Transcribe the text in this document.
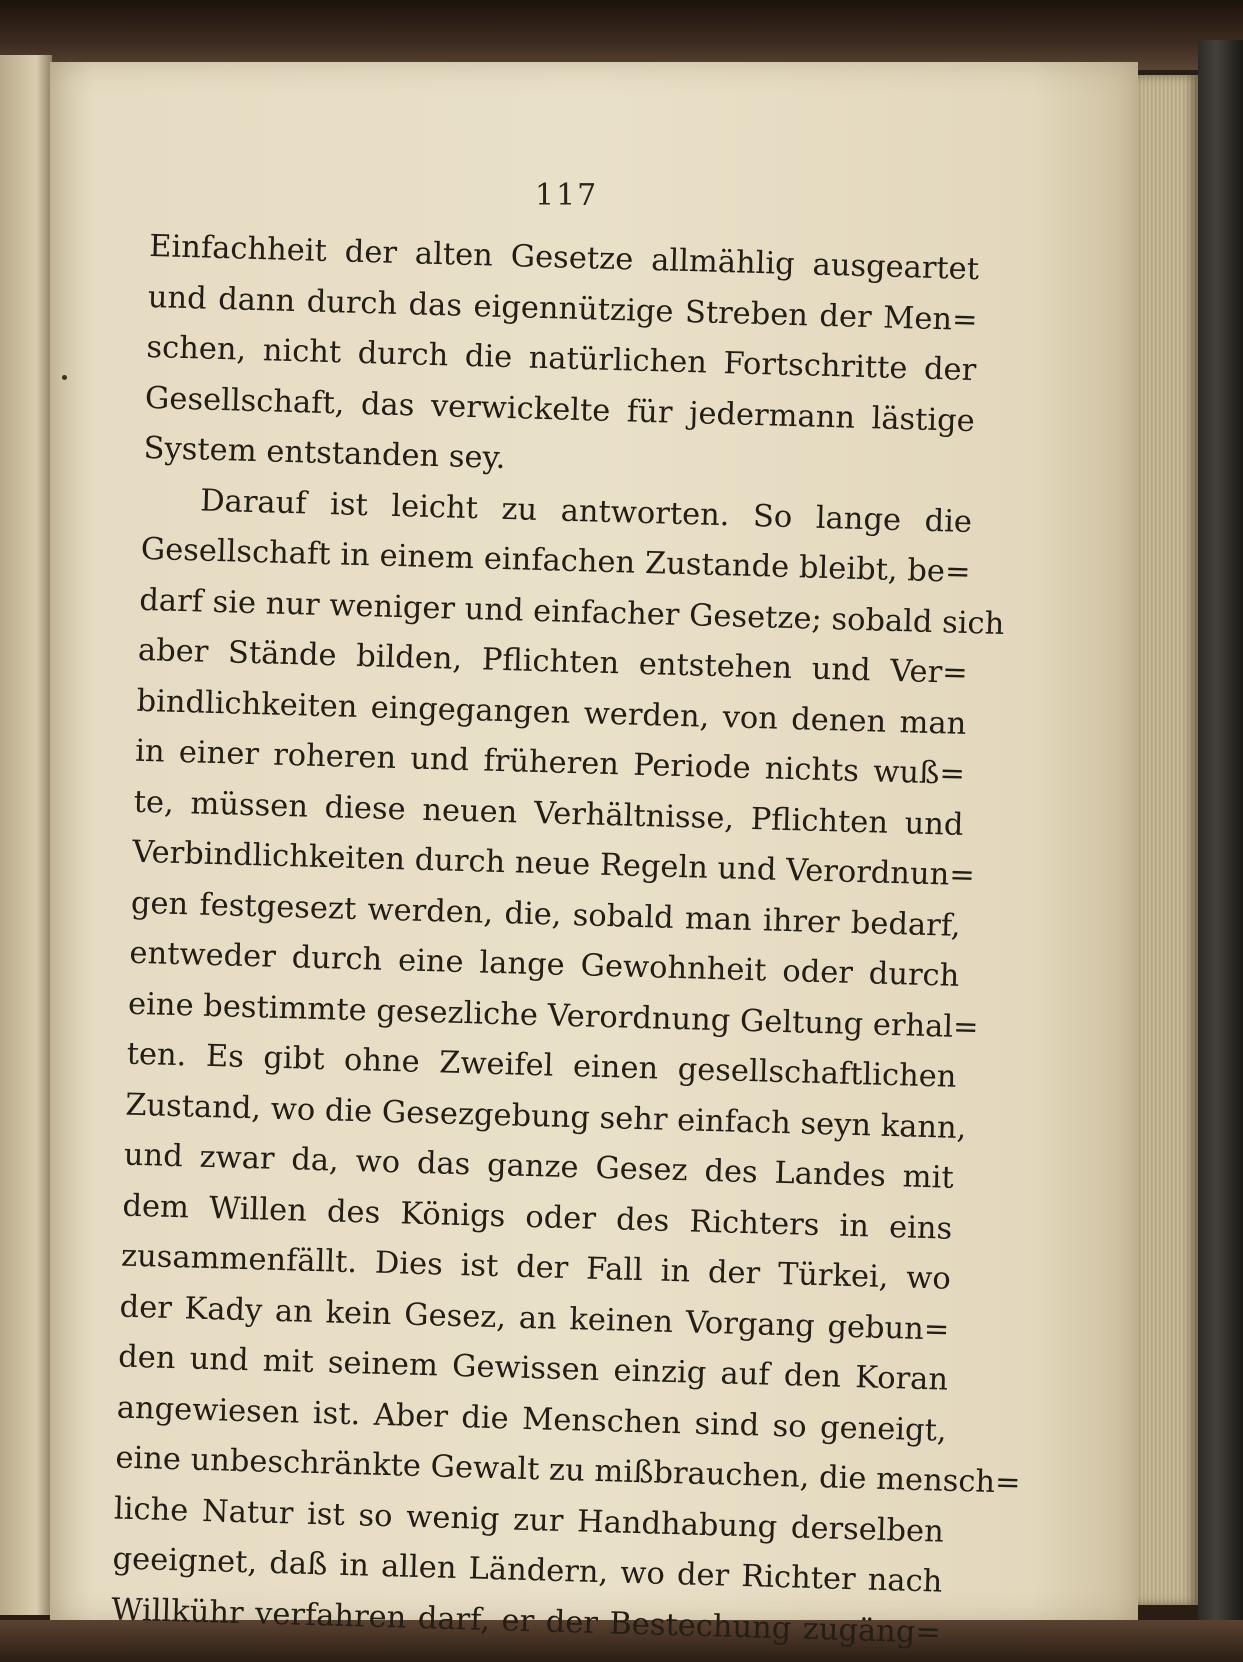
117
Einfachheit der alten Gesetze allmählig ausgeartet
und dann durch das eigennützige Streben der Men=
schen, nicht durch die natürlichen Fortschritte der
Gesellschaft, das verwickelte für jedermann lästige
System entstanden sey.
Darauf ist leicht zu antworten. So lange die
Gesellschaft in einem einfachen Zustande bleibt, be=
darf sie nur weniger und einfacher Gesetze; sobald sich
aber Stände bilden, Pflichten entstehen und Ver=
bindlichkeiten eingegangen werden, von denen man
in einer roheren und früheren Periode nichts wuß=
te, müssen diese neuen Verhältnisse, Pflichten und
Verbindlichkeiten durch neue Regeln und Verordnun=
gen festgesezt werden, die, sobald man ihrer bedarf,
entweder durch eine lange Gewohnheit oder durch
eine bestimmte gesezliche Verordnung Geltung erhal=
ten. Es gibt ohne Zweifel einen gesellschaftlichen
Zustand, wo die Gesezgebung sehr einfach seyn kann,
und zwar da, wo das ganze Gesez des Landes mit
dem Willen des Königs oder des Richters in eins
zusammenfällt. Dies ist der Fall in der Türkei, wo
der Kady an kein Gesez, an keinen Vorgang gebun=
den und mit seinem Gewissen einzig auf den Koran
angewiesen ist. Aber die Menschen sind so geneigt,
eine unbeschränkte Gewalt zu mißbrauchen, die mensch=
liche Natur ist so wenig zur Handhabung derselben
geeignet, daß in allen Ländern, wo der Richter nach
Willkühr verfahren darf, er der Bestechung zugäng=
